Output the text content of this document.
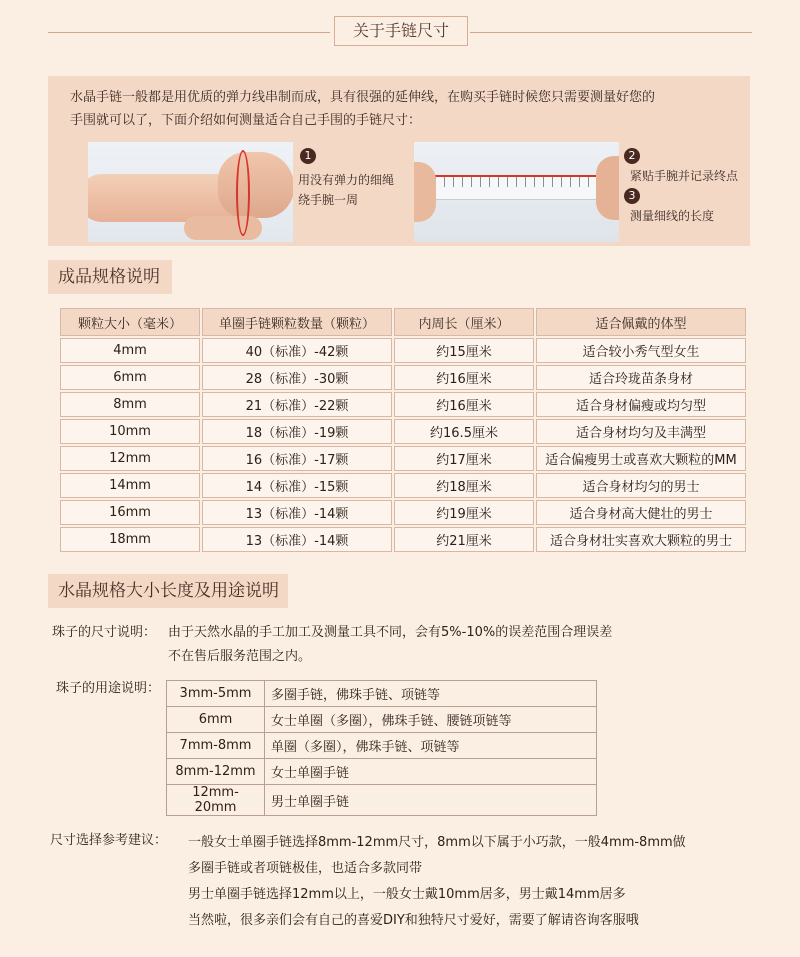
关于手链尺寸
水晶手链一般都是用优质的弹力线串制而成，具有很强的延伸线，在购买手链时候您只需要测量好您的
手围就可以了，下面介绍如何测量适合自己手围的手链尺寸：
1
用没有弹力的细绳
绕手腕一周
2
紧贴手腕并记录终点
3
测量细线的长度
成品规格说明
颗粒大小（毫米）	单圈手链颗粒数量（颗粒）	内周长（厘米）	适合佩戴的体型
4mm	40（标准）-42颗	约15厘米	适合较小秀气型女生
6mm	28（标准）-30颗	约16厘米	适合玲珑苗条身材
8mm	21（标准）-22颗	约16厘米	适合身材偏瘦或均匀型
10mm	18（标准）-19颗	约16.5厘米	适合身材均匀及丰满型
12mm	16（标准）-17颗	约17厘米	适合偏瘦男士或喜欢大颗粒的MM
14mm	14（标准）-15颗	约18厘米	适合身材均匀的男士
16mm	13（标准）-14颗	约19厘米	适合身材高大健壮的男士
18mm	13（标准）-14颗	约21厘米	适合身材壮实喜欢大颗粒的男士
水晶规格大小长度及用途说明
珠子的尺寸说明： 由于天然水晶的手工加工及测量工具不同，会有5%-10%的误差范围合理误差
不在售后服务范围之内。
珠子的用途说明： 3mm-5mm	多圈手链，佛珠手链、项链等
6mm	女士单圈（多圈），佛珠手链、腰链项链等
7mm-8mm	单圈（多圈），佛珠手链、项链等
8mm-12mm	女士单圈手链
12mm-20mm	男士单圈手链
尺寸选择参考建议： 一般女士单圈手链选择8mm-12mm尺寸，8mm以下属于小巧款，一般4mm-8mm做
多圈手链或者项链极佳，也适合多款同带
男士单圈手链选择12mm以上，一般女士戴10mm居多，男士戴14mm居多
当然啦，很多亲们会有自己的喜爱DIY和独特尺寸爱好，需要了解请咨询客服哦
